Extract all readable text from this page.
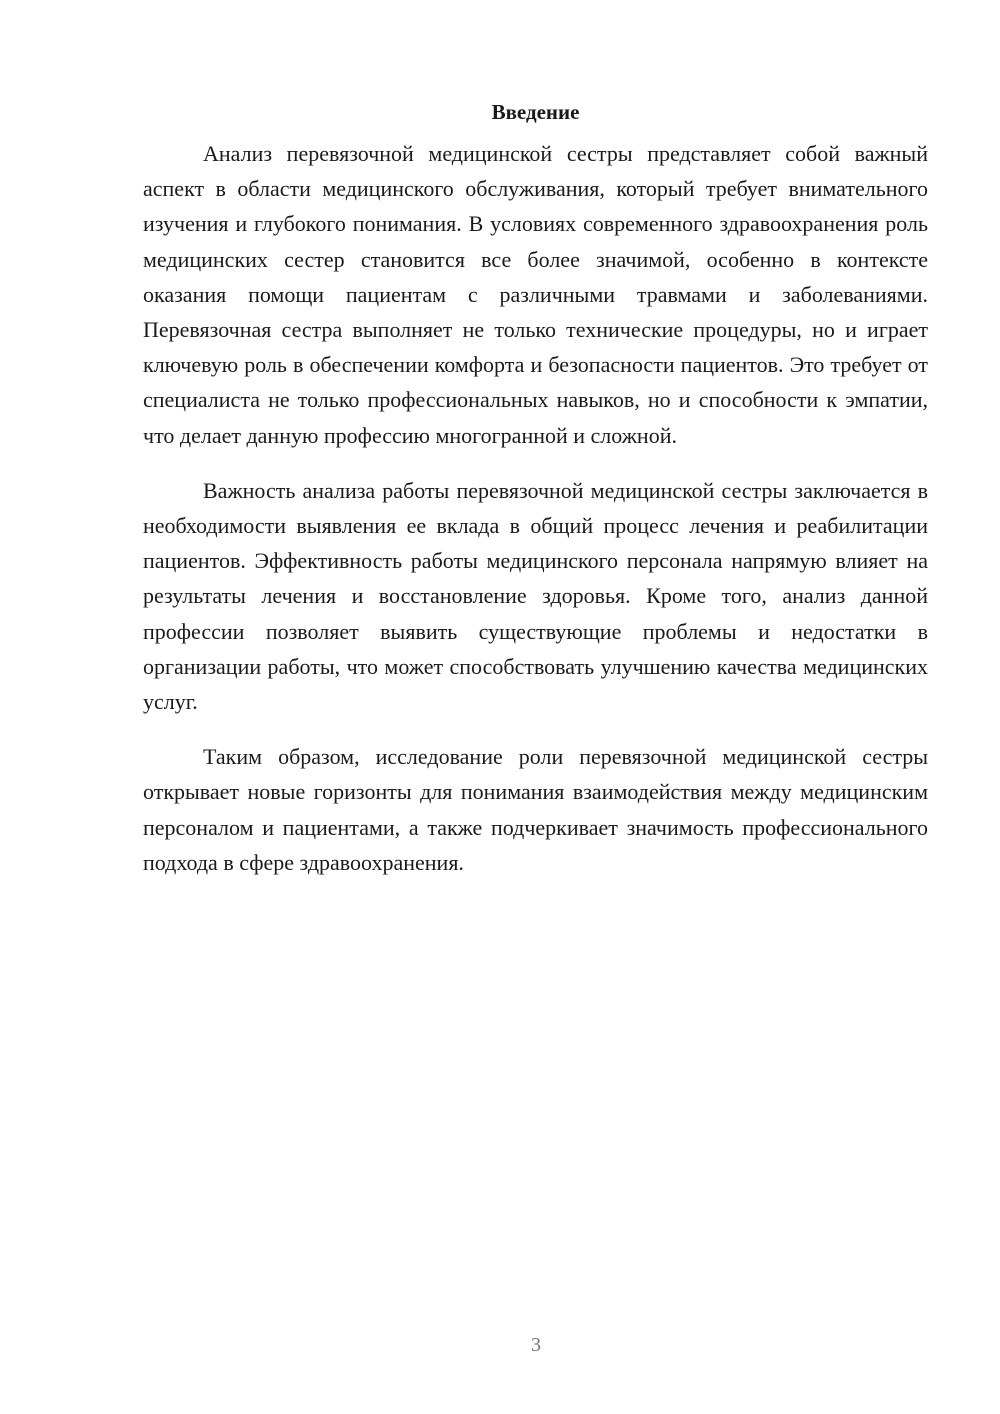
Введение

Анализ перевязочной медицинской сестры представляет собой важный аспект в области медицинского обслуживания, который требует внимательного изучения и глубокого понимания. В условиях современного здравоохранения роль медицинских сестер становится все более значимой, особенно в контексте оказания помощи пациентам с различными травмами и заболеваниями. Перевязочная сестра выполняет не только технические процедуры, но и играет ключевую роль в обеспечении комфорта и безопасности пациентов. Это требует от специалиста не только профессиональных навыков, но и способности к эмпатии, что делает данную профессию многогранной и сложной.

Важность анализа работы перевязочной медицинской сестры заключается в необходимости выявления ее вклада в общий процесс лечения и реабилитации пациентов. Эффективность работы медицинского персонала напрямую влияет на результаты лечения и восстановление здоровья. Кроме того, анализ данной профессии позволяет выявить существующие проблемы и недостатки в организации работы, что может способствовать улучшению качества медицинских услуг.

Таким образом, исследование роли перевязочной медицинской сестры открывает новые горизонты для понимания взаимодействия между медицинским персоналом и пациентами, а также подчеркивает значимость профессионального подхода в сфере здравоохранения.

3
